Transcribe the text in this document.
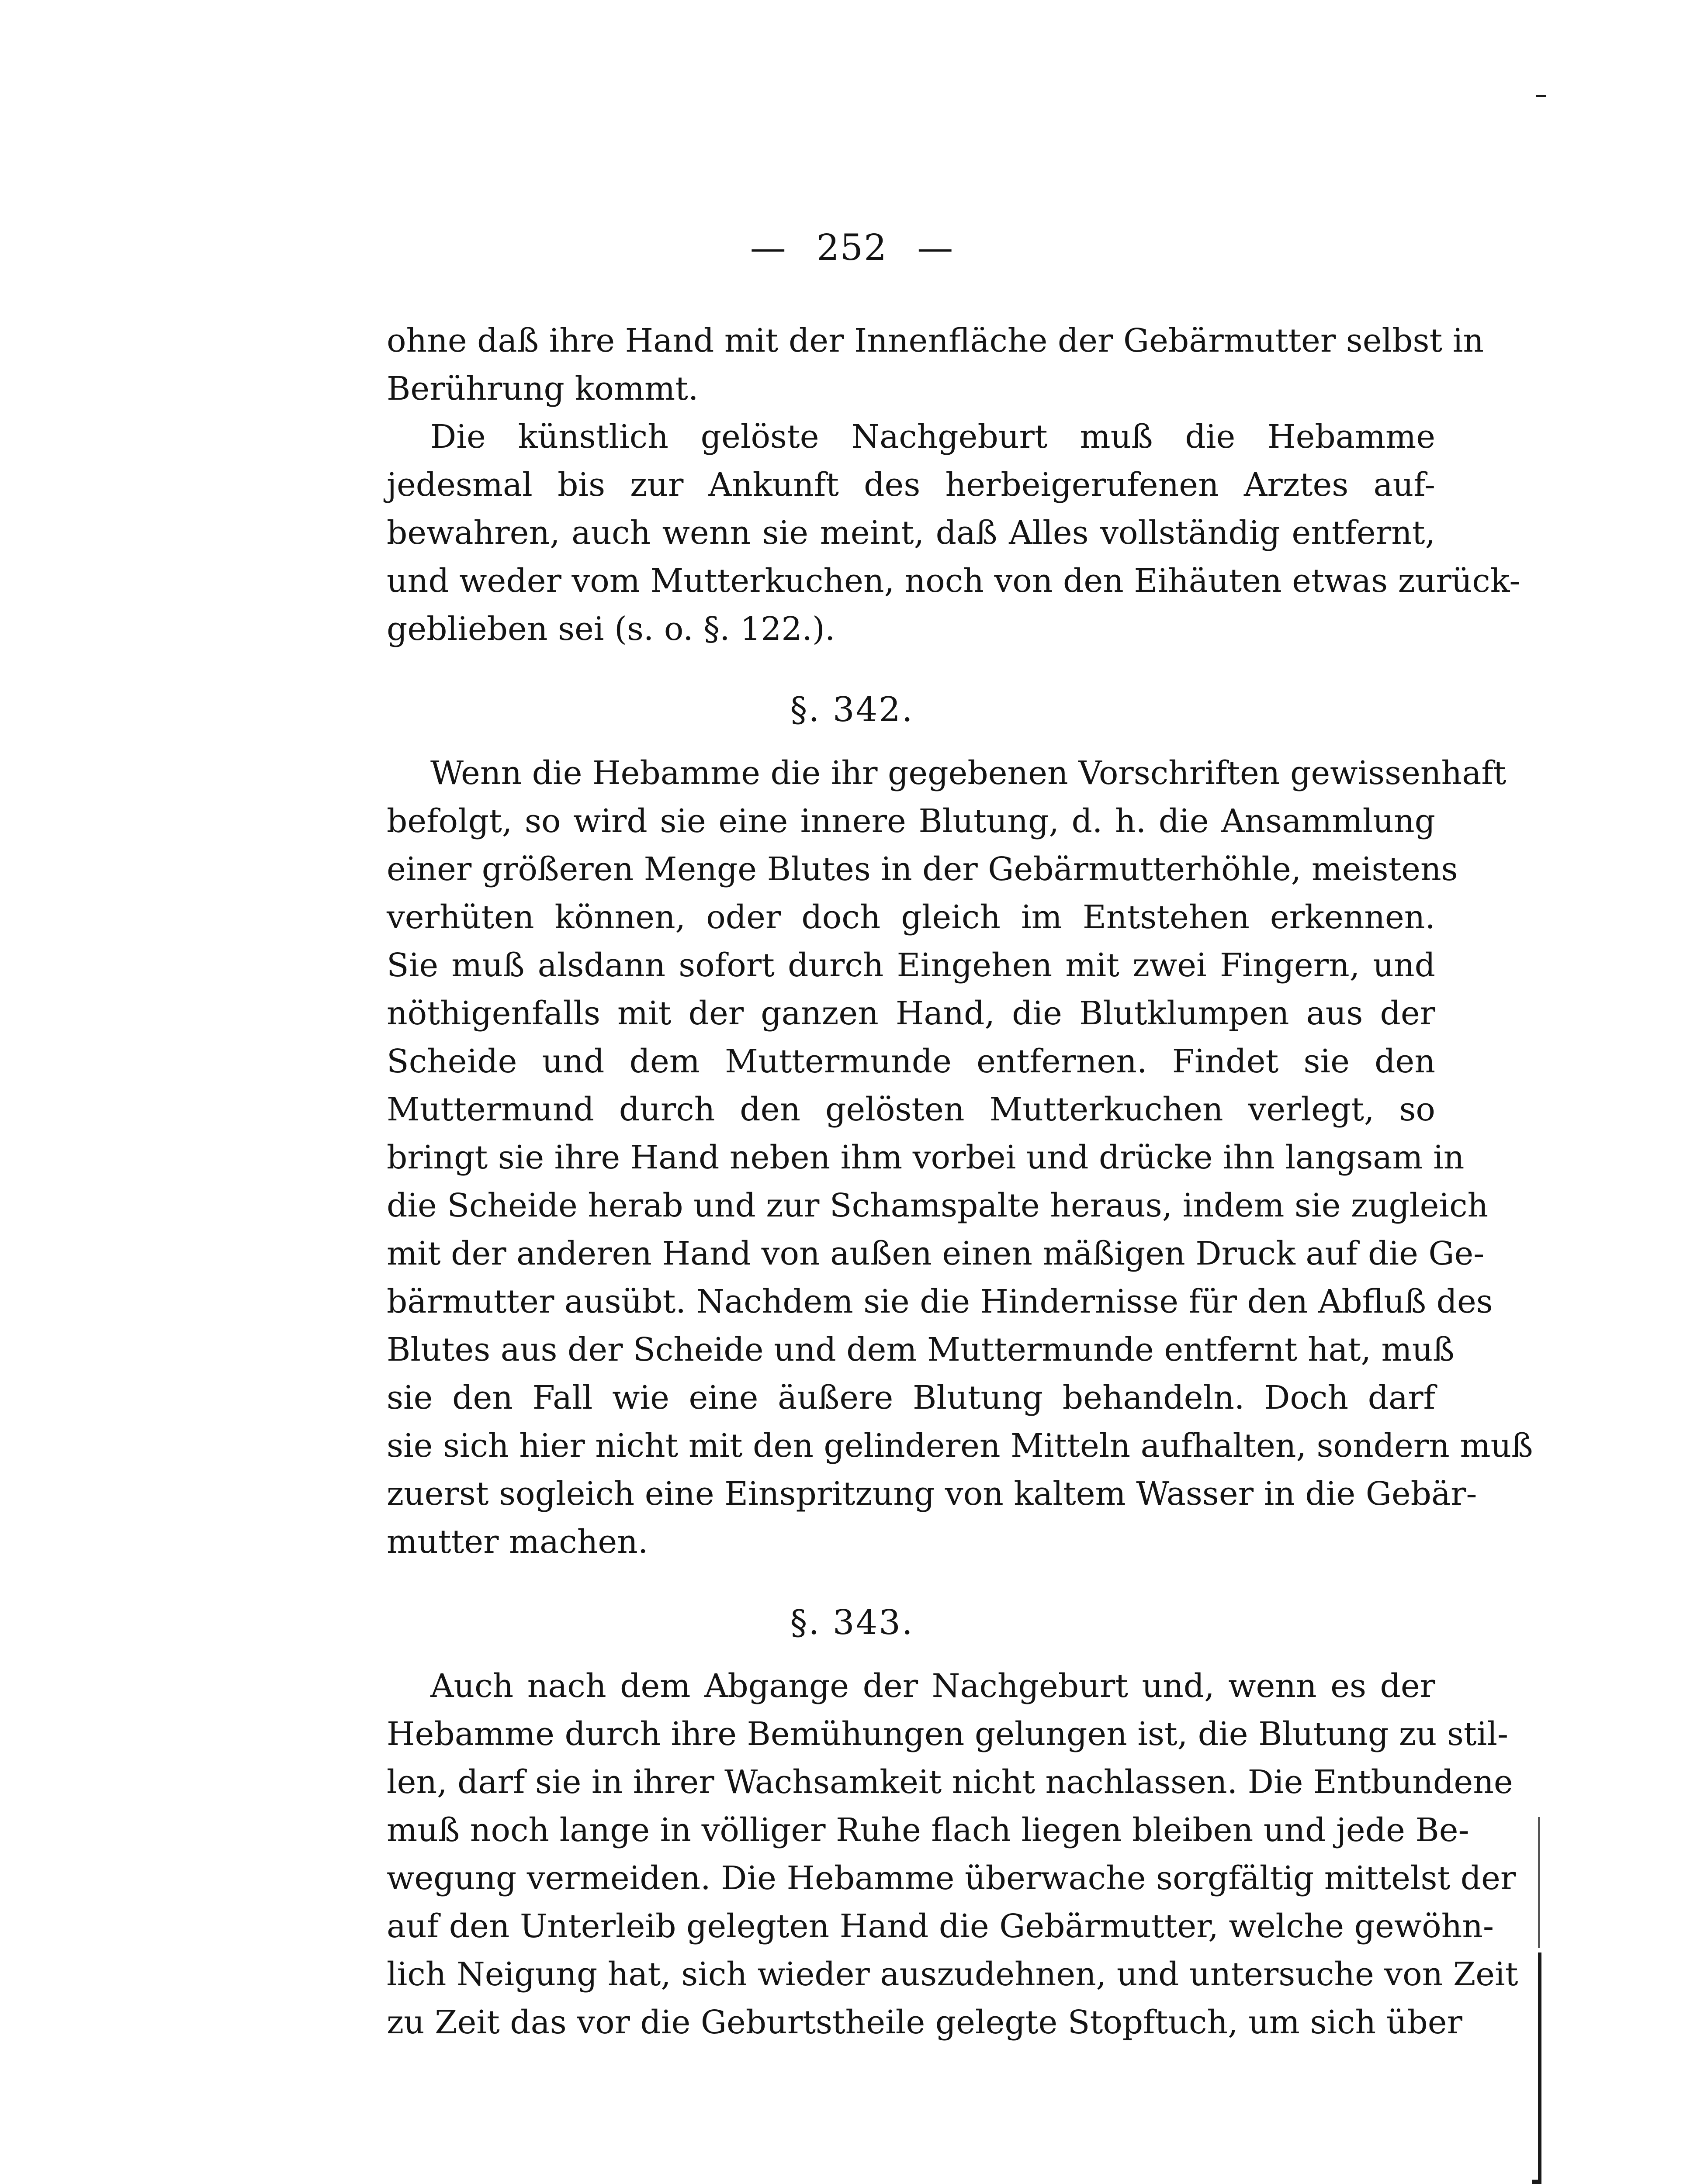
— 252 —
ohne daß ihre Hand mit der Innenfläche der Gebärmutter selbst in
Berührung kommt.
Die künstlich gelöste Nachgeburt muß die Hebamme
jedesmal bis zur Ankunft des herbeigerufenen Arztes auf-
bewahren, auch wenn sie meint, daß Alles vollständig entfernt,
und weder vom Mutterkuchen, noch von den Eihäuten etwas zurück-
geblieben sei (s. o. §. 122.).
§. 342.
Wenn die Hebamme die ihr gegebenen Vorschriften gewissenhaft
befolgt, so wird sie eine innere Blutung, d. h. die Ansammlung
einer größeren Menge Blutes in der Gebärmutterhöhle, meistens
verhüten können, oder doch gleich im Entstehen erkennen.
Sie muß alsdann sofort durch Eingehen mit zwei Fingern, und
nöthigenfalls mit der ganzen Hand, die Blutklumpen aus der
Scheide und dem Muttermunde entfernen. Findet sie den
Muttermund durch den gelösten Mutterkuchen verlegt, so
bringt sie ihre Hand neben ihm vorbei und drücke ihn langsam in
die Scheide herab und zur Schamspalte heraus, indem sie zugleich
mit der anderen Hand von außen einen mäßigen Druck auf die Ge-
bärmutter ausübt. Nachdem sie die Hindernisse für den Abfluß des
Blutes aus der Scheide und dem Muttermunde entfernt hat, muß
sie den Fall wie eine äußere Blutung behandeln. Doch darf
sie sich hier nicht mit den gelinderen Mitteln aufhalten, sondern muß
zuerst sogleich eine Einspritzung von kaltem Wasser in die Gebär-
mutter machen.
§. 343.
Auch nach dem Abgange der Nachgeburt und, wenn es der
Hebamme durch ihre Bemühungen gelungen ist, die Blutung zu stil-
len, darf sie in ihrer Wachsamkeit nicht nachlassen. Die Entbundene
muß noch lange in völliger Ruhe flach liegen bleiben und jede Be-
wegung vermeiden. Die Hebamme überwache sorgfältig mittelst der
auf den Unterleib gelegten Hand die Gebärmutter, welche gewöhn-
lich Neigung hat, sich wieder auszudehnen, und untersuche von Zeit
zu Zeit das vor die Geburtstheile gelegte Stopftuch, um sich über
